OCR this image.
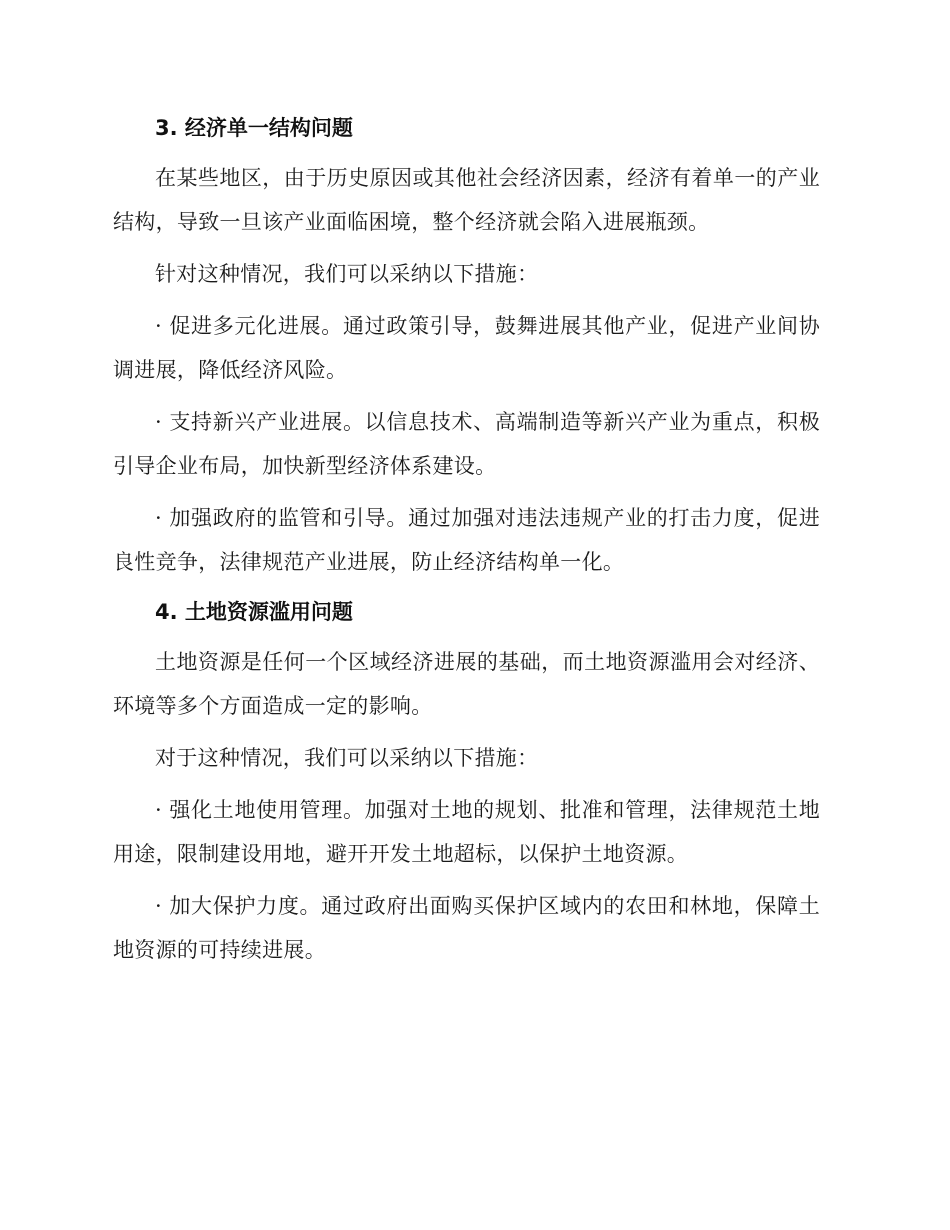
3. 经济单一结构问题

在某些地区，由于历史原因或其他社会经济因素，经济有着单一的产业结构，导致一旦该产业面临困境，整个经济就会陷入进展瓶颈。

针对这种情况，我们可以采纳以下措施：

· 促进多元化进展。通过政策引导，鼓舞进展其他产业，促进产业间协调进展，降低经济风险。

· 支持新兴产业进展。以信息技术、高端制造等新兴产业为重点，积极引导企业布局，加快新型经济体系建设。

· 加强政府的监管和引导。通过加强对违法违规产业的打击力度，促进良性竞争，法律规范产业进展，防止经济结构单一化。

4. 土地资源滥用问题

土地资源是任何一个区域经济进展的基础，而土地资源滥用会对经济、环境等多个方面造成一定的影响。

对于这种情况，我们可以采纳以下措施：

· 强化土地使用管理。加强对土地的规划、批准和管理，法律规范土地用途，限制建设用地，避开开发土地超标，以保护土地资源。

· 加大保护力度。通过政府出面购买保护区域内的农田和林地，保障土地资源的可持续进展。
